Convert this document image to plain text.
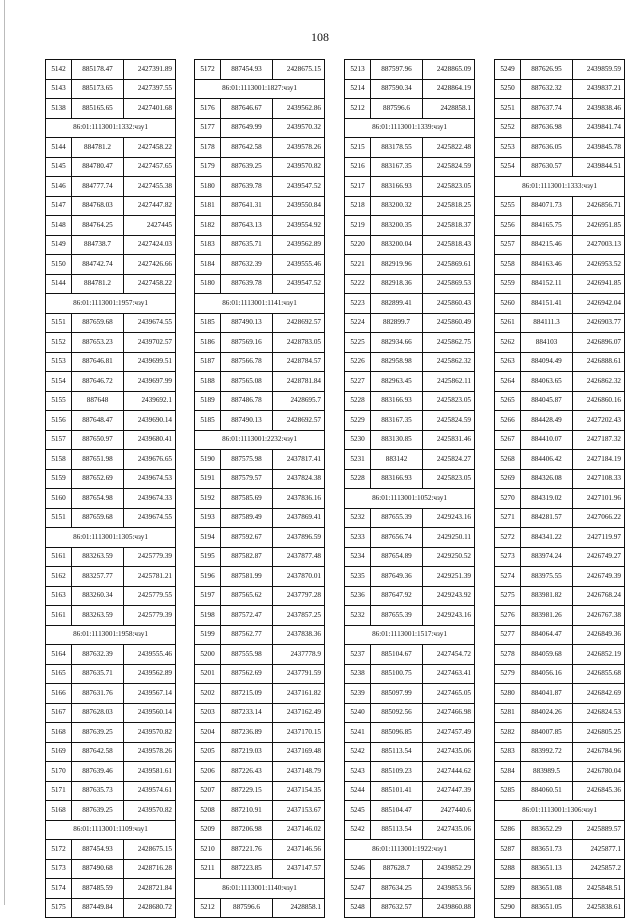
108
5142	885178.47	2427391.89
5143	885173.65	2427397.55
5138	885165.65	2427401.68
86:01:1113001:1332:чзу1		
5144	884781.2	2427458.22
5145	884780.47	2427457.65
5146	884777.74	2427455.38
5147	884768.03	2427447.82
5148	884764.25	2427445
5149	884738.7	2427424.03
5150	884742.74	2427426.66
5144	884781.2	2427458.22
86:01:1113001:1957:чзу1		
5151	887659.68	2439674.55
5152	887653.23	2439702.57
5153	887646.81	2439699.51
5154	887646.72	2439697.99
5155	887648	2439692.1
5156	887648.47	2439690.14
5157	887650.97	2439680.41
5158	887651.98	2439676.65
5159	887652.69	2439674.53
5160	887654.98	2439674.33
5151	887659.68	2439674.55
86:01:1113001:1305:чзу1		
5161	883263.59	2425779.39
5162	883257.77	2425781.21
5163	883260.34	2425779.55
5161	883263.59	2425779.39
86:01:1113001:1958:чзу1		
5164	887632.39	2439555.46
5165	887635.71	2439562.89
5166	887631.76	2439567.14
5167	887628.03	2439560.14
5168	887639.25	2439570.82
5169	887642.58	2439578.26
5170	887639.46	2439581.61
5171	887635.73	2439574.61
5168	887639.25	2439570.82
86:01:1113001:1109:чзу1		
5172	887454.93	2428675.15
5173	887490.68	2428716.28
5174	887485.59	2428721.84
5175	887449.84	2428680.72
5172	887454.93	2428675.15
86:01:1113001:1827:чзу1		
5176	887646.67	2439562.86
5177	887649.99	2439570.32
5178	887642.58	2439578.26
5179	887639.25	2439570.82
5180	887639.78	2439547.52
5181	887641.31	2439550.84
5182	887643.13	2439554.92
5183	887635.71	2439562.89
5184	887632.39	2439555.46
5180	887639.78	2439547.52
86:01:1113001:1141:чзу1		
5185	887490.13	2428692.57
5186	887569.16	2428783.05
5187	887566.78	2428784.57
5188	887565.08	2428781.84
5189	887486.78	2428695.7
5185	887490.13	2428692.57
86:01:1113001:2232:чзу1		
5190	887575.98	2437817.41
5191	887579.57	2437824.38
5192	887585.69	2437836.16
5193	887589.49	2437869.41
5194	887592.67	2437896.59
5195	887582.87	2437877.48
5196	887581.99	2437870.01
5197	887565.62	2437797.28
5198	887572.47	2437857.25
5199	887562.77	2437838.36
5200	887555.98	2437778.9
5201	887562.69	2437791.59
5202	887215.09	2437161.82
5203	887233.14	2437162.49
5204	887236.89	2437170.15
5205	887219.03	2437169.48
5206	887226.43	2437148.79
5207	887229.15	2437154.35
5208	887210.91	2437153.67
5209	887206.98	2437146.02
5210	887221.76	2437146.56
5211	887223.85	2437147.57
86:01:1113001:1140:чзу1		
5212	887596.6	2428858.1
5213	887597.96	2428865.09
5214	887590.34	2428864.19
5212	887596.6	2428858.1
86:01:1113001:1339:чзу1		
5215	883178.55	2425822.48
5216	883167.35	2425824.59
5217	883166.93	2425823.05
5218	883200.32	2425818.25
5219	883200.35	2425818.37
5220	883200.04	2425818.43
5221	882919.96	2425869.61
5222	882918.36	2425869.53
5223	882899.41	2425860.43
5224	882899.7	2425860.49
5225	882934.66	2425862.75
5226	882958.98	2425862.32
5227	882963.45	2425862.11
5228	883166.93	2425823.05
5229	883167.35	2425824.59
5230	883130.85	2425831.46
5231	883142	2425824.27
5228	883166.93	2425823.05
86:01:1113001:1052:чзу1		
5232	887655.39	2429243.16
5233	887656.74	2429250.11
5234	887654.89	2429250.52
5235	887649.36	2429251.39
5236	887647.92	2429243.92
5232	887655.39	2429243.16
86:01:1113001:1517:чзу1		
5237	885104.67	2427454.72
5238	885100.75	2427463.41
5239	885097.99	2427465.05
5240	885092.56	2427466.98
5241	885096.85	2427457.49
5242	885113.54	2427435.06
5243	885109.23	2427444.62
5244	885101.41	2427447.39
5245	885104.47	2427440.6
5242	885113.54	2427435.06
86:01:1113001:1922:чзу1		
5246	887628.7	2439852.29
5247	887634.25	2439853.56
5248	887632.57	2439860.88
5249	887626.95	2439859.59
5250	887632.32	2439837.21
5251	887637.74	2439838.46
5252	887636.98	2439841.74
5253	887636.05	2439845.78
5254	887630.57	2439844.51
86:01:1113001:1333:чзу1		
5255	884071.73	2426856.71
5256	884165.75	2426951.85
5257	884215.46	2427003.13
5258	884163.46	2426953.52
5259	884152.11	2426941.85
5260	884151.41	2426942.04
5261	884111.3	2426903.77
5262	884103	2426896.07
5263	884094.49	2426888.61
5264	884063.65	2426862.32
5265	884045.87	2426860.16
5266	884428.49	2427202.43
5267	884410.07	2427187.32
5268	884406.42	2427184.19
5269	884326.08	2427108.33
5270	884319.02	2427101.96
5271	884281.57	2427066.22
5272	884341.22	2427119.97
5273	883974.24	2426749.27
5274	883975.55	2426749.39
5275	883981.82	2426768.24
5276	883981.26	2426767.38
5277	884064.47	2426849.36
5278	884059.68	2426852.19
5279	884056.16	2426855.68
5280	884041.87	2426842.69
5281	884024.26	2426824.53
5282	884007.85	2426805.25
5283	883992.72	2426784.96
5284	883989.5	2426780.04
5285	884060.51	2426845.36
86:01:1113001:1306:чзу1		
5286	883652.29	2425889.57
5287	883651.73	2425877.1
5288	883651.13	2425857.2
5289	883651.08	2425848.51
5290	883651.05	2425838.61
